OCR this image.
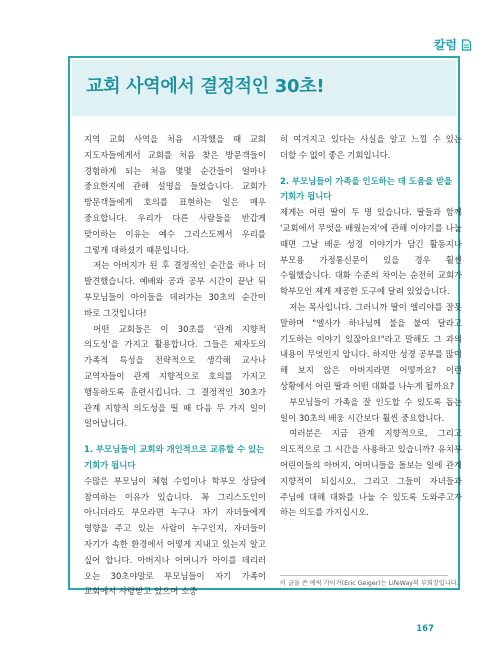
칼럼
교회 사역에서 결정적인 30초!

지역 교회 사역을 처음 시작했을 때 교회 지도자들에게서 교회를 처음 찾은 방문객들이 경험하게 되는 처음 몇몇 순간들이 얼마나 중요한지에 관해 설명을 들었습니다. 교회가 방문객들에게 호의를 표현하는 일은 매우 중요합니다. 우리가 다른 사람들을 반갑게 맞이하는 이유는 예수 그리스도께서 우리를 그렇게 대하셨기 때문입니다.

저는 아버지가 된 후 결정적인 순간을 하나 더 발견했습니다. 예배와 공과 공부 시간이 끝난 뒤 부모님들이 아이들을 데려가는 30초의 순간이 바로 그것입니다!

어떤 교회들은 이 30초를 '관계 지향적 의도성'을 가지고 활용합니다. 그들은 제자도의 가족적 특성을 전략적으로 생각해 교사나 교역자들이 관계 지향적으로 호의를 가지고 행동하도록 훈련시킵니다. 그 결정적인 30초가 관계 지향적 의도성을 띨 때 다음 두 가지 일이 일어납니다.

1. 부모님들이 교회와 개인적으로 교류할 수 있는 기회가 됩니다

수많은 부모님이 체험 수업이나 학부모 상담에 참여하는 이유가 있습니다. 꼭 그리스도인이 아니더라도 부모라면 누구나 자기 자녀들에게 영향을 주고 있는 사람이 누구인지, 자녀들이 자기가 속한 환경에서 어떻게 지내고 있는지 알고 싶어 합니다. 아버지나 어머니가 아이를 데리러 오는 30초야말로 부모님들이 자기 가족이 교회에서 사랑받고 있으며 소중

히 여겨지고 있다는 사실을 알고 느낄 수 있는 더할 수 없이 좋은 기회입니다.

2. 부모님들이 가족을 인도하는 데 도움을 받을 기회가 됩니다

제게는 어린 딸이 두 명 있습니다. 딸들과 함께 '교회에서 무엇을 배웠는지'에 관해 이야기를 나눌 때면 그날 배운 성경 이야기가 담긴 활동지나 부모용 가정통신문이 있을 경우 훨씬 수월했습니다. 대화 수준의 차이는 순전히 교회가 학부모인 제게 제공한 도구에 달려 있었습니다.

저는 목사입니다. 그러니까 딸이 엘리야를 잘못 말하며 "엘사가 하나님께 불을 붙여 달라고 기도하는 이야기 있잖아요!"라고 말해도 그 과의 내용이 무엇인지 압니다. 하지만 성경 공부를 많이 해 보지 않은 아버지라면 어떻까요? 이런 상황에서 어린 딸과 어떤 대화를 나누게 될까요?

부모님들이 가족을 잘 인도할 수 있도록 돕는 일이 30초의 배웅 시간보다 훨씬 중요합니다.

여러분은 지금 관계 지향적으로, 그리고 의도적으로 그 시간을 사용하고 있습니까? 유치부 어린이들의 아버지, 어머니들을 돌보는 일에 관계 지향적이 되십시오. 그리고 그들이 자녀들과 주님에 대해 대화를 나눌 수 있도록 도와주고자 하는 의도를 가지십시오.

이 글을 쓴 에릭 가이거(Eric Geiger)는 LifeWay의 부회장입니다.
167
